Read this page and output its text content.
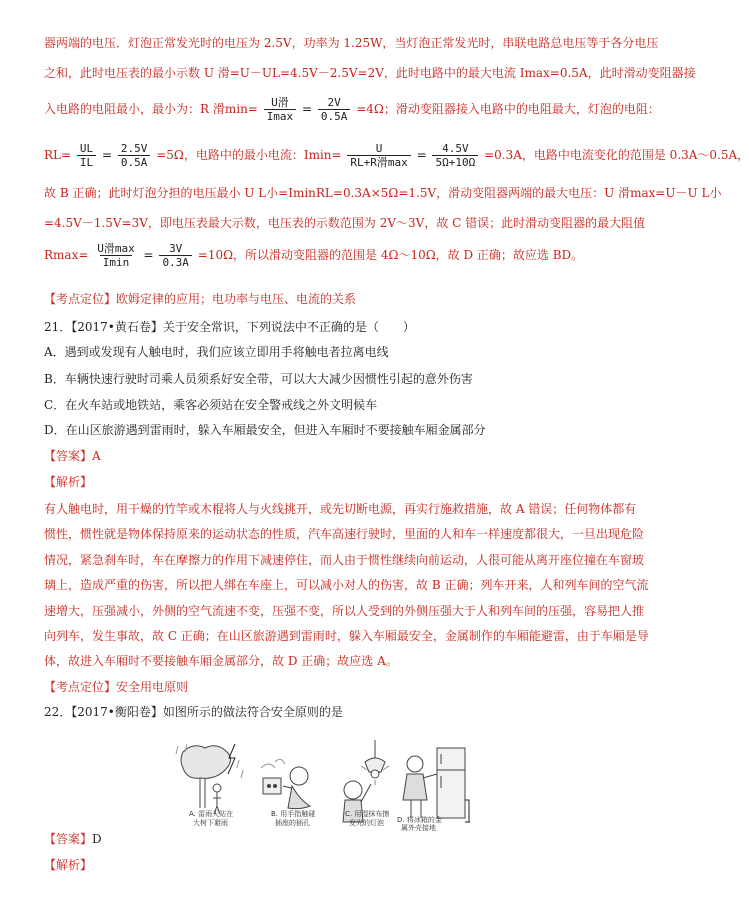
器两端的电压．灯泡正常发光时的电压为 2.5V，功率为 1.25W，当灯泡正常发光时，串联电路总电压等于各分电压
之和，此时电压表的最小示数 U 滑=U－UL=4.5V－2.5V=2V，此时电路中的最大电流 Imax=0.5A，此时滑动变阻器接
入电路的电阻最小，最小为：R 滑$\min= \frac{\text{U滑}}{Imax} = \frac{2V}{0.5A} =4\Omega$；滑动变阻器接入电路中的电阻最大，灯泡的电阻：
$RL= \frac{UL}{IL} = \frac{2.5V}{0.5A} =5\Omega$，电路中的最小电流：$Imin= \frac{U}{\text{RL+R滑max}} = \frac{4.5V}{5\Omega+10\Omega} =0.3A$，电路中电流变化的范围是 0.3A～0.5A，
故 B 正确；此时灯泡分担的电压最小 U L小=IminRL=0.3A×5Ω=1.5V，滑动变阻器两端的最大电压：U 滑max=U－U L小
=4.5V－1.5V=3V，即电压表最大示数，电压表的示数范围为 2V～3V，故 C 错误；此时滑动变阻器的最大阻值
$Rmax= \frac{\text{U滑max}}{Imin} = \frac{3V}{0.3A} =10\Omega$，所以滑动变阻器的范围是 4Ω～10Ω，故 D 正确；故应选 BD。
【考点定位】欧姆定律的应用；电功率与电压、电流的关系
21．【2017•黄石卷】关于安全常识，下列说法中不正确的是（　　）
A．遇到或发现有人触电时，我们应该立即用手将触电者拉离电线
B．车辆快速行驶时司乘人员须系好安全带，可以大大减少因惯性引起的意外伤害
C．在火车站或地铁站，乘客必须站在安全警戒线之外文明候车
D．在山区旅游遇到雷雨时，躲入车厢最安全，但进入车厢时不要接触车厢金属部分
【答案】A
【解析】
有人触电时，用干燥的竹竿或木棍将人与火线挑开，或先切断电源，再实行施救措施，故 A 错误；任何物体都有
惯性，惯性就是物体保持原来的运动状态的性质，汽车高速行驶时，里面的人和车一样速度都很大，一旦出现危险
情况，紧急刹车时，车在摩擦力的作用下减速停住，而人由于惯性继续向前运动，人很可能从离开座位撞在车窗玻
璃上，造成严重的伤害，所以把人绑在车座上，可以减小对人的伤害，故 B 正确；列车开来，人和列车间的空气流
速增大，压强减小，外侧的空气流速不变，压强不变，所以人受到的外侧压强大于人和列车间的压强，容易把人推
向列车，发生事故，故 C 正确；在山区旅游遇到雷雨时，躲入车厢最安全，金属制作的车厢能避雷，由于车厢是导
体，故进入车厢时不要接触车厢金属部分，故 D 正确；故应选 A。
【考点定位】安全用电原则
22．【2017•衡阳卷】如图所示的做法符合安全原则的是
A. 雷雨天站在
大树下避雨
B. 用手指触碰
插座的插孔
C. 用湿抹布擦
发光的灯泡 D. 将冰箱的金
属外壳接地
【答案】D
【解析】
